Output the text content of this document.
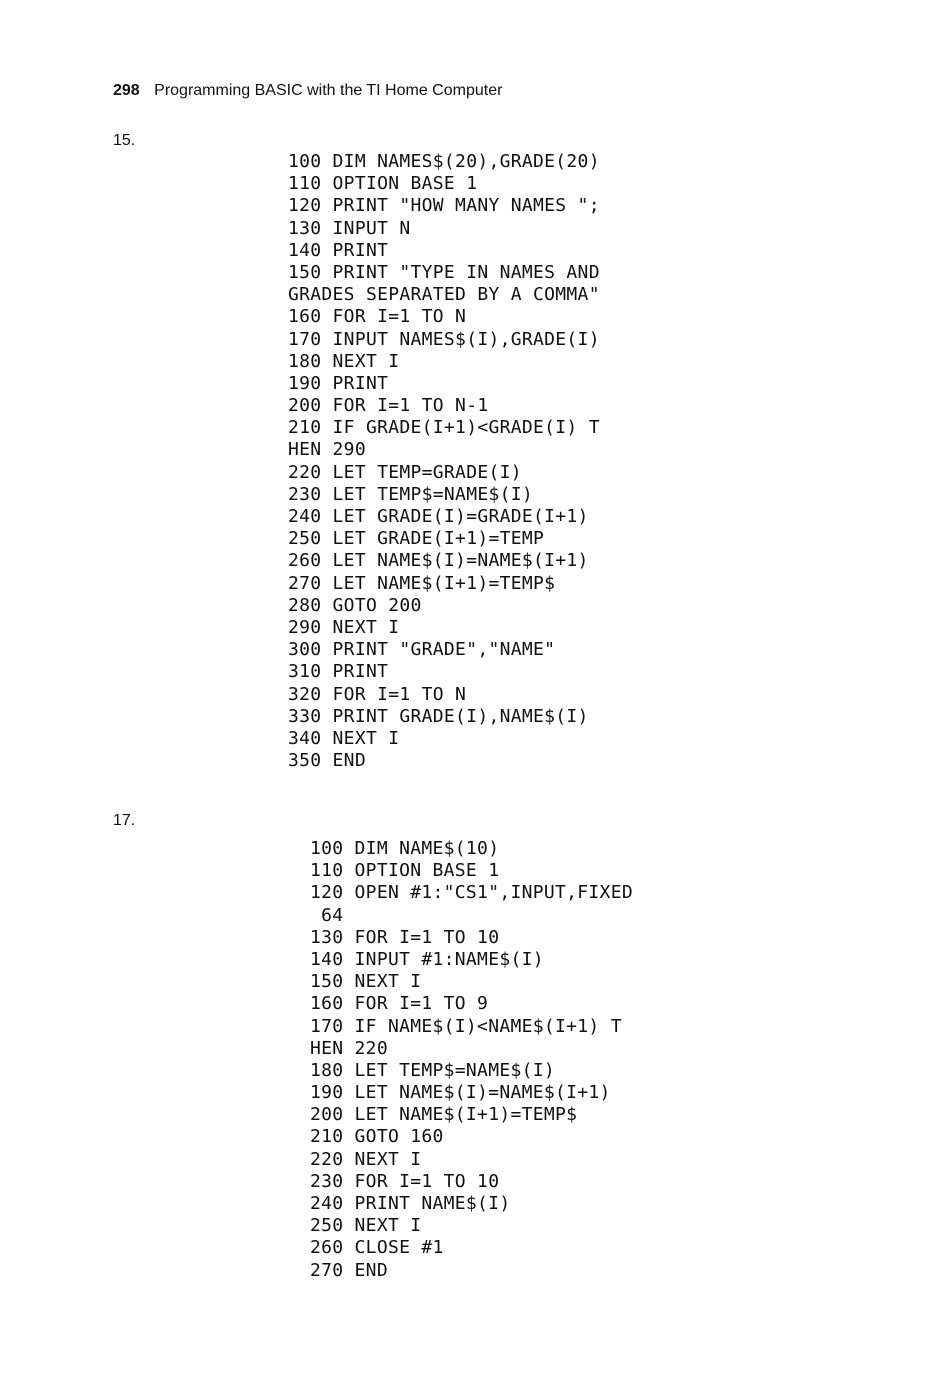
298 Programming BASIC with the TI Home Computer
15.
100 DIM NAMES$(20),GRADE(20)
110 OPTION BASE 1
120 PRINT "HOW MANY NAMES ";
130 INPUT N
140 PRINT
150 PRINT "TYPE IN NAMES AND
GRADES SEPARATED BY A COMMA"
160 FOR I=1 TO N
170 INPUT NAMES$(I),GRADE(I)
180 NEXT I
190 PRINT
200 FOR I=1 TO N-1
210 IF GRADE(I+1)<GRADE(I) T
HEN 290
220 LET TEMP=GRADE(I)
230 LET TEMP$=NAME$(I)
240 LET GRADE(I)=GRADE(I+1)
250 LET GRADE(I+1)=TEMP
260 LET NAME$(I)=NAME$(I+1)
270 LET NAME$(I+1)=TEMP$
280 GOTO 200
290 NEXT I
300 PRINT "GRADE","NAME"
310 PRINT
320 FOR I=1 TO N
330 PRINT GRADE(I),NAME$(I)
340 NEXT I
350 END
17.
100 DIM NAME$(10)
110 OPTION BASE 1
120 OPEN #1:"CS1",INPUT,FIXED
64
130 FOR I=1 TO 10
140 INPUT #1:NAME$(I)
150 NEXT I
160 FOR I=1 TO 9
170 IF NAME$(I)<NAME$(I+1) T
HEN 220
180 LET TEMP$=NAME$(I)
190 LET NAME$(I)=NAME$(I+1)
200 LET NAME$(I+1)=TEMP$
210 GOTO 160
220 NEXT I
230 FOR I=1 TO 10
240 PRINT NAME$(I)
250 NEXT I
260 CLOSE #1
270 END
